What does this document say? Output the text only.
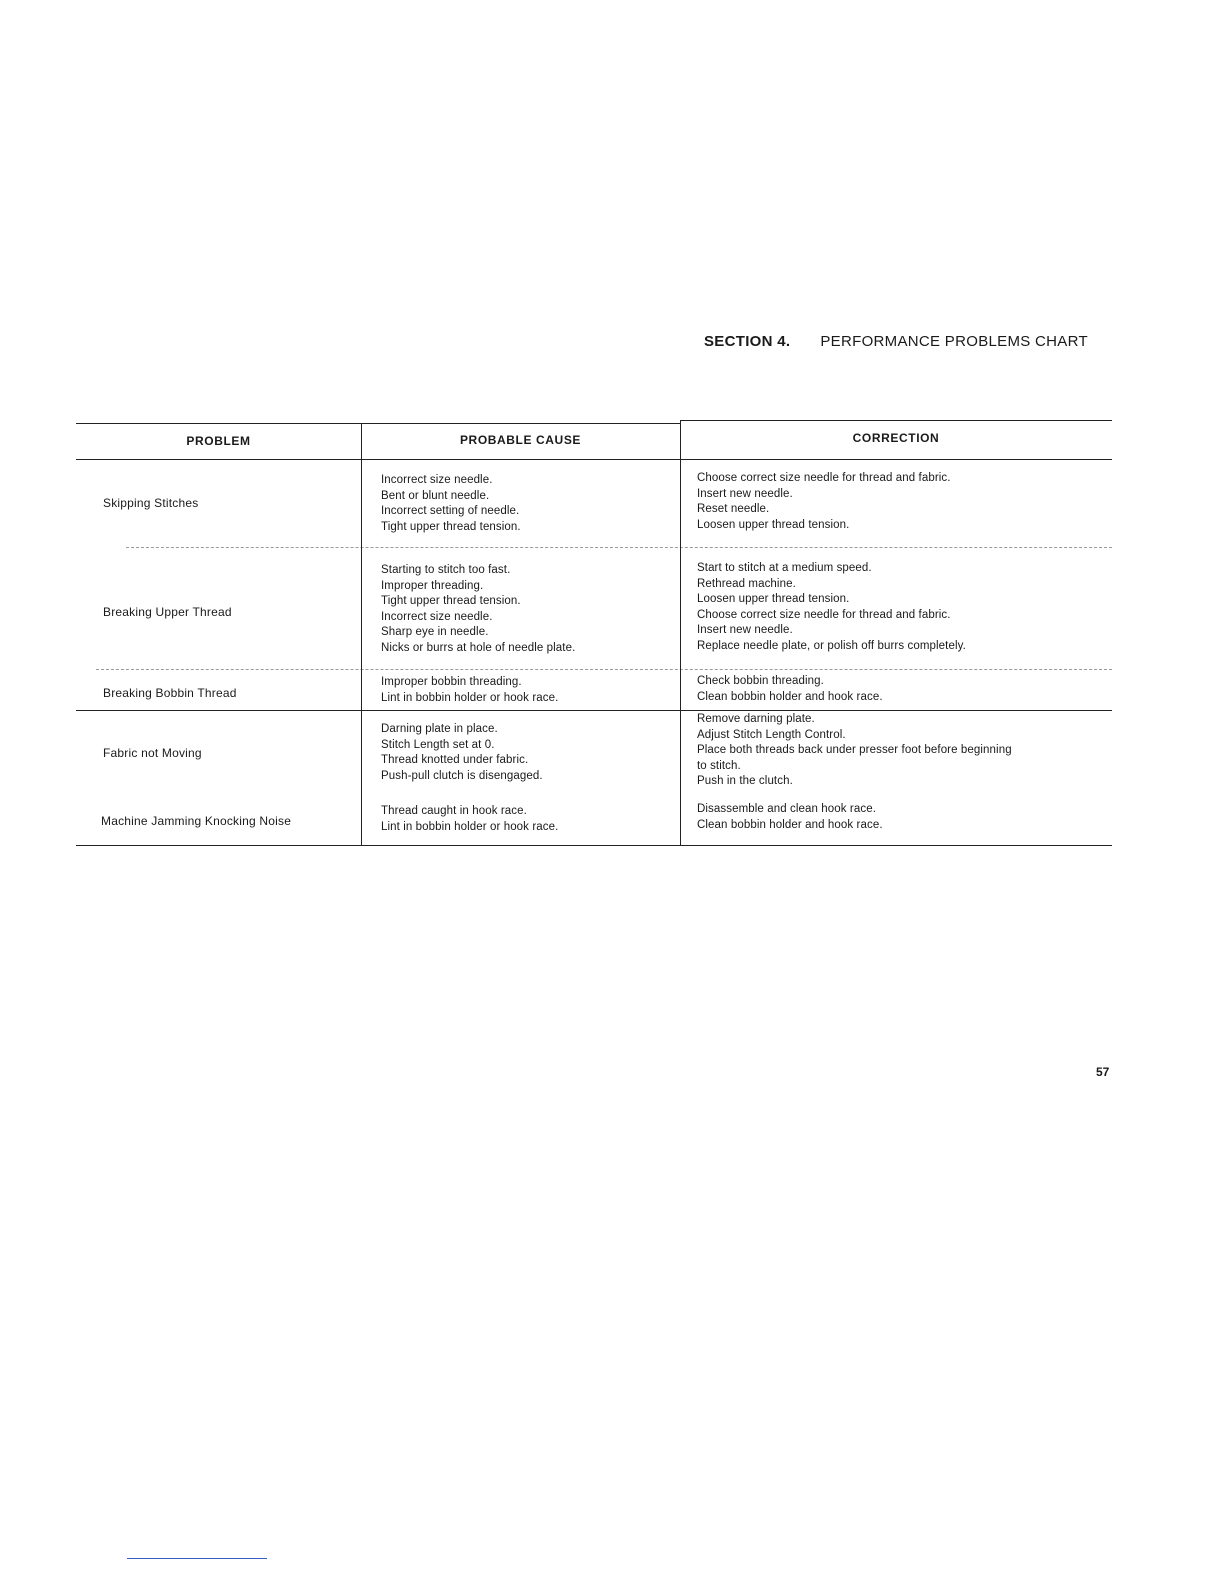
SECTION 4. PERFORMANCE PROBLEMS CHART
PROBLEM	PROBABLE CAUSE	CORRECTION
Skipping Stitches
Incorrect size needle.
Bent or blunt needle.
Incorrect setting of needle.
Tight upper thread tension.
Choose correct size needle for thread and fabric.
Insert new needle.
Reset needle.
Loosen upper thread tension.
Breaking Upper Thread
Starting to stitch too fast.
Improper threading.
Tight upper thread tension.
Incorrect size needle.
Sharp eye in needle.
Nicks or burrs at hole of needle plate.
Start to stitch at a medium speed.
Rethread machine.
Loosen upper thread tension.
Choose correct size needle for thread and fabric.
Insert new needle.
Replace needle plate, or polish off burrs completely.
Breaking Bobbin Thread
Improper bobbin threading.
Lint in bobbin holder or hook race.
Check bobbin threading.
Clean bobbin holder and hook race.
Fabric not Moving
Darning plate in place.
Stitch Length set at 0.
Thread knotted under fabric.
Push-pull clutch is disengaged.
Remove darning plate.
Adjust Stitch Length Control.
Place both threads back under presser foot before beginning
to stitch.
Push in the clutch.
Machine Jamming Knocking Noise
Thread caught in hook race.
Lint in bobbin holder or hook race.
Disassemble and clean hook race.
Clean bobbin holder and hook race.
57
